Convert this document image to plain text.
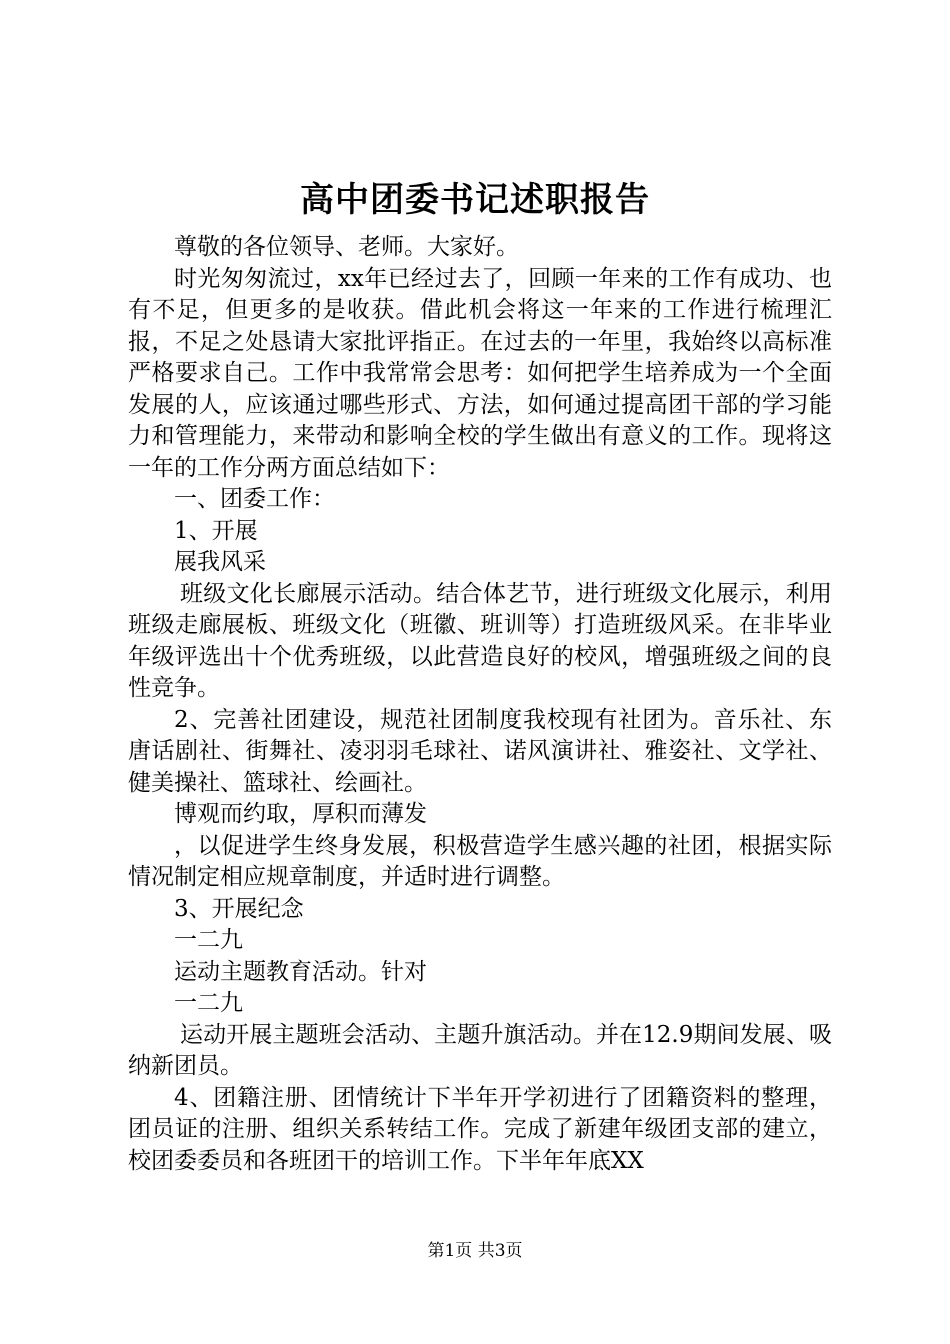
高中团委书记述职报告

尊敬的各位领导、老师。大家好。

时光匆匆流过，xx年已经过去了，回顾一年来的工作有成功、也有不足，但更多的是收获。借此机会将这一年来的工作进行梳理汇报，不足之处恳请大家批评指正。在过去的一年里，我始终以高标准严格要求自己。工作中我常常会思考：如何把学生培养成为一个全面发展的人，应该通过哪些形式、方法，如何通过提高团干部的学习能力和管理能力，来带动和影响全校的学生做出有意义的工作。现将这一年的工作分两方面总结如下：

一、团委工作：

1、开展

展我风采

班级文化长廊展示活动。结合体艺节，进行班级文化展示，利用班级走廊展板、班级文化（班徽、班训等）打造班级风采。在非毕业年级评选出十个优秀班级，以此营造良好的校风，增强班级之间的良性竞争。

2、完善社团建设，规范社团制度我校现有社团为。音乐社、东唐话剧社、街舞社、凌羽羽毛球社、诺风演讲社、雅姿社、文学社、健美操社、篮球社、绘画社。

博观而约取，厚积而薄发

，以促进学生终身发展，积极营造学生感兴趣的社团，根据实际情况制定相应规章制度，并适时进行调整。

3、开展纪念

一二九

运动主题教育活动。针对

一二九

运动开展主题班会活动、主题升旗活动。并在12.9期间发展、吸纳新团员。

4、团籍注册、团情统计下半年开学初进行了团籍资料的整理，团员证的注册、组织关系转结工作。完成了新建年级团支部的建立，校团委委员和各班团干的培训工作。下半年年底XX

第1页 共3页
